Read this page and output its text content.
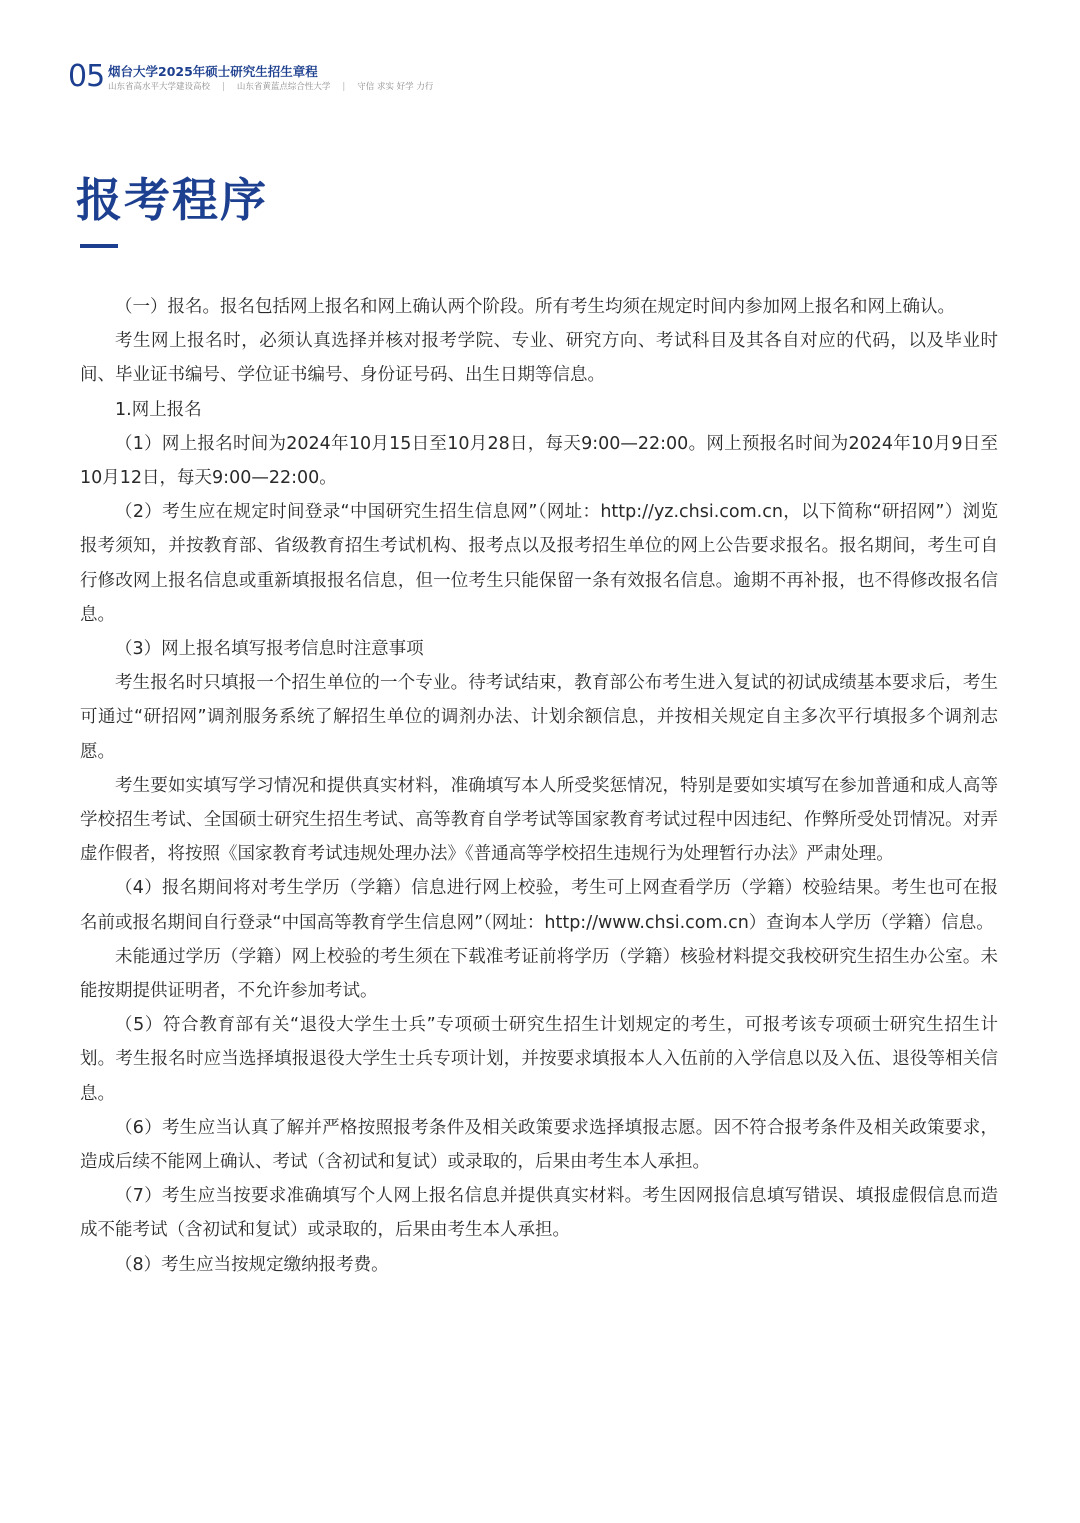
05 烟台大学2025年硕士研究生招生章程
山东省高水平大学建设高校 | 山东省黄蓝点综合性大学 | 守信 求实 好学 力行
报考程序

（一）报名。报名包括网上报名和网上确认两个阶段。所有考生均须在规定时间内参加网上报名和网上确认。

考生网上报名时，必须认真选择并核对报考学院、专业、研究方向、考试科目及其各自对应的代码，以及毕业时间、毕业证书编号、学位证书编号、身份证号码、出生日期等信息。

1.网上报名

（1）网上报名时间为2024年10月15日至10月28日，每天9:00—22:00。网上预报名时间为2024年10月9日至10月12日，每天9:00—22:00。

（2）考生应在规定时间登录“中国研究生招生信息网”（网址：http://yz.chsi.com.cn，以下简称“研招网”）浏览报考须知，并按教育部、省级教育招生考试机构、报考点以及报考招生单位的网上公告要求报名。报名期间，考生可自行修改网上报名信息或重新填报报名信息，但一位考生只能保留一条有效报名信息。逾期不再补报，也不得修改报名信息。

（3）网上报名填写报考信息时注意事项

考生报名时只填报一个招生单位的一个专业。待考试结束，教育部公布考生进入复试的初试成绩基本要求后，考生可通过“研招网”调剂服务系统了解招生单位的调剂办法、计划余额信息，并按相关规定自主多次平行填报多个调剂志愿。

考生要如实填写学习情况和提供真实材料，准确填写本人所受奖惩情况，特别是要如实填写在参加普通和成人高等学校招生考试、全国硕士研究生招生考试、高等教育自学考试等国家教育考试过程中因违纪、作弊所受处罚情况。对弄虚作假者，将按照《国家教育考试违规处理办法》《普通高等学校招生违规行为处理暂行办法》严肃处理。

（4）报名期间将对考生学历（学籍）信息进行网上校验，考生可上网查看学历（学籍）校验结果。考生也可在报名前或报名期间自行登录“中国高等教育学生信息网”（网址：http://www.chsi.com.cn）查询本人学历（学籍）信息。

未能通过学历（学籍）网上校验的考生须在下载准考证前将学历（学籍）核验材料提交我校研究生招生办公室。未能按期提供证明者，不允许参加考试。

（5）符合教育部有关“退役大学生士兵”专项硕士研究生招生计划规定的考生，可报考该专项硕士研究生招生计划。考生报名时应当选择填报退役大学生士兵专项计划，并按要求填报本人入伍前的入学信息以及入伍、退役等相关信息。

（6）考生应当认真了解并严格按照报考条件及相关政策要求选择填报志愿。因不符合报考条件及相关政策要求，造成后续不能网上确认、考试（含初试和复试）或录取的，后果由考生本人承担。

（7）考生应当按要求准确填写个人网上报名信息并提供真实材料。考生因网报信息填写错误、填报虚假信息而造成不能考试（含初试和复试）或录取的，后果由考生本人承担。

（8）考生应当按规定缴纳报考费。
